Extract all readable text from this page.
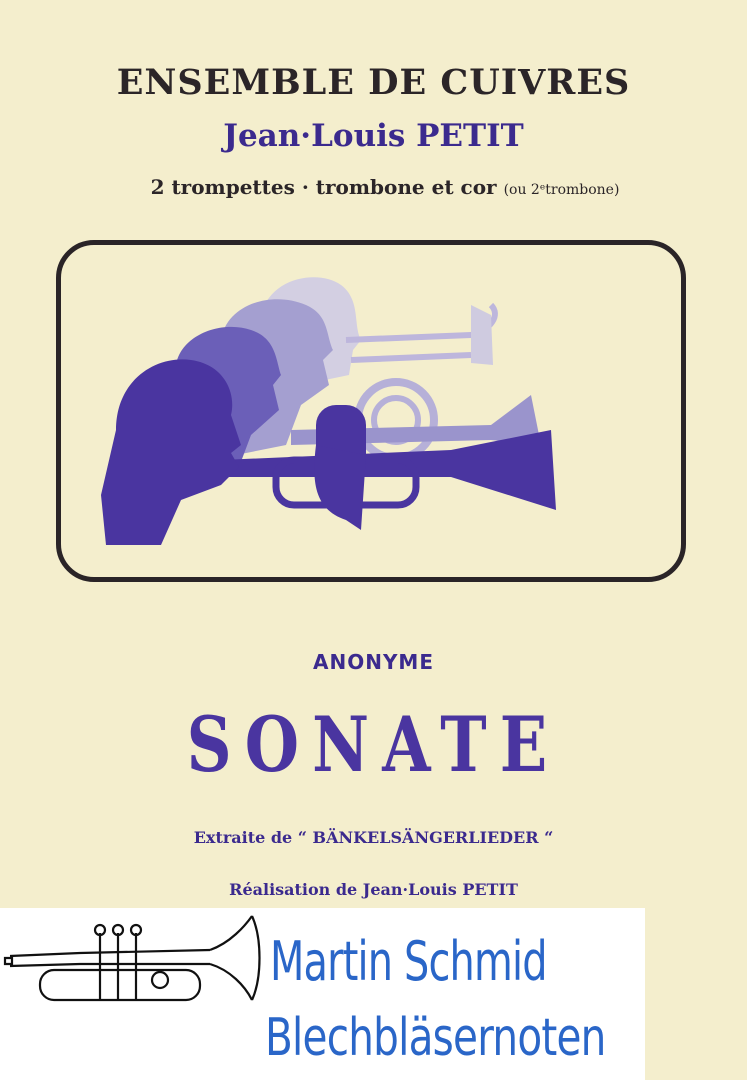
ENSEMBLE DE CUIVRES
Jean·Louis PETIT
2 trompettes · trombone et cor (ou 2ᵉtrombone)
ANONYME
SONATE
Extraite de “ BÄNKELSÄNGERLIEDER “
Réalisation de Jean·Louis PETIT
Martin Schmid
Blechbläsernoten
